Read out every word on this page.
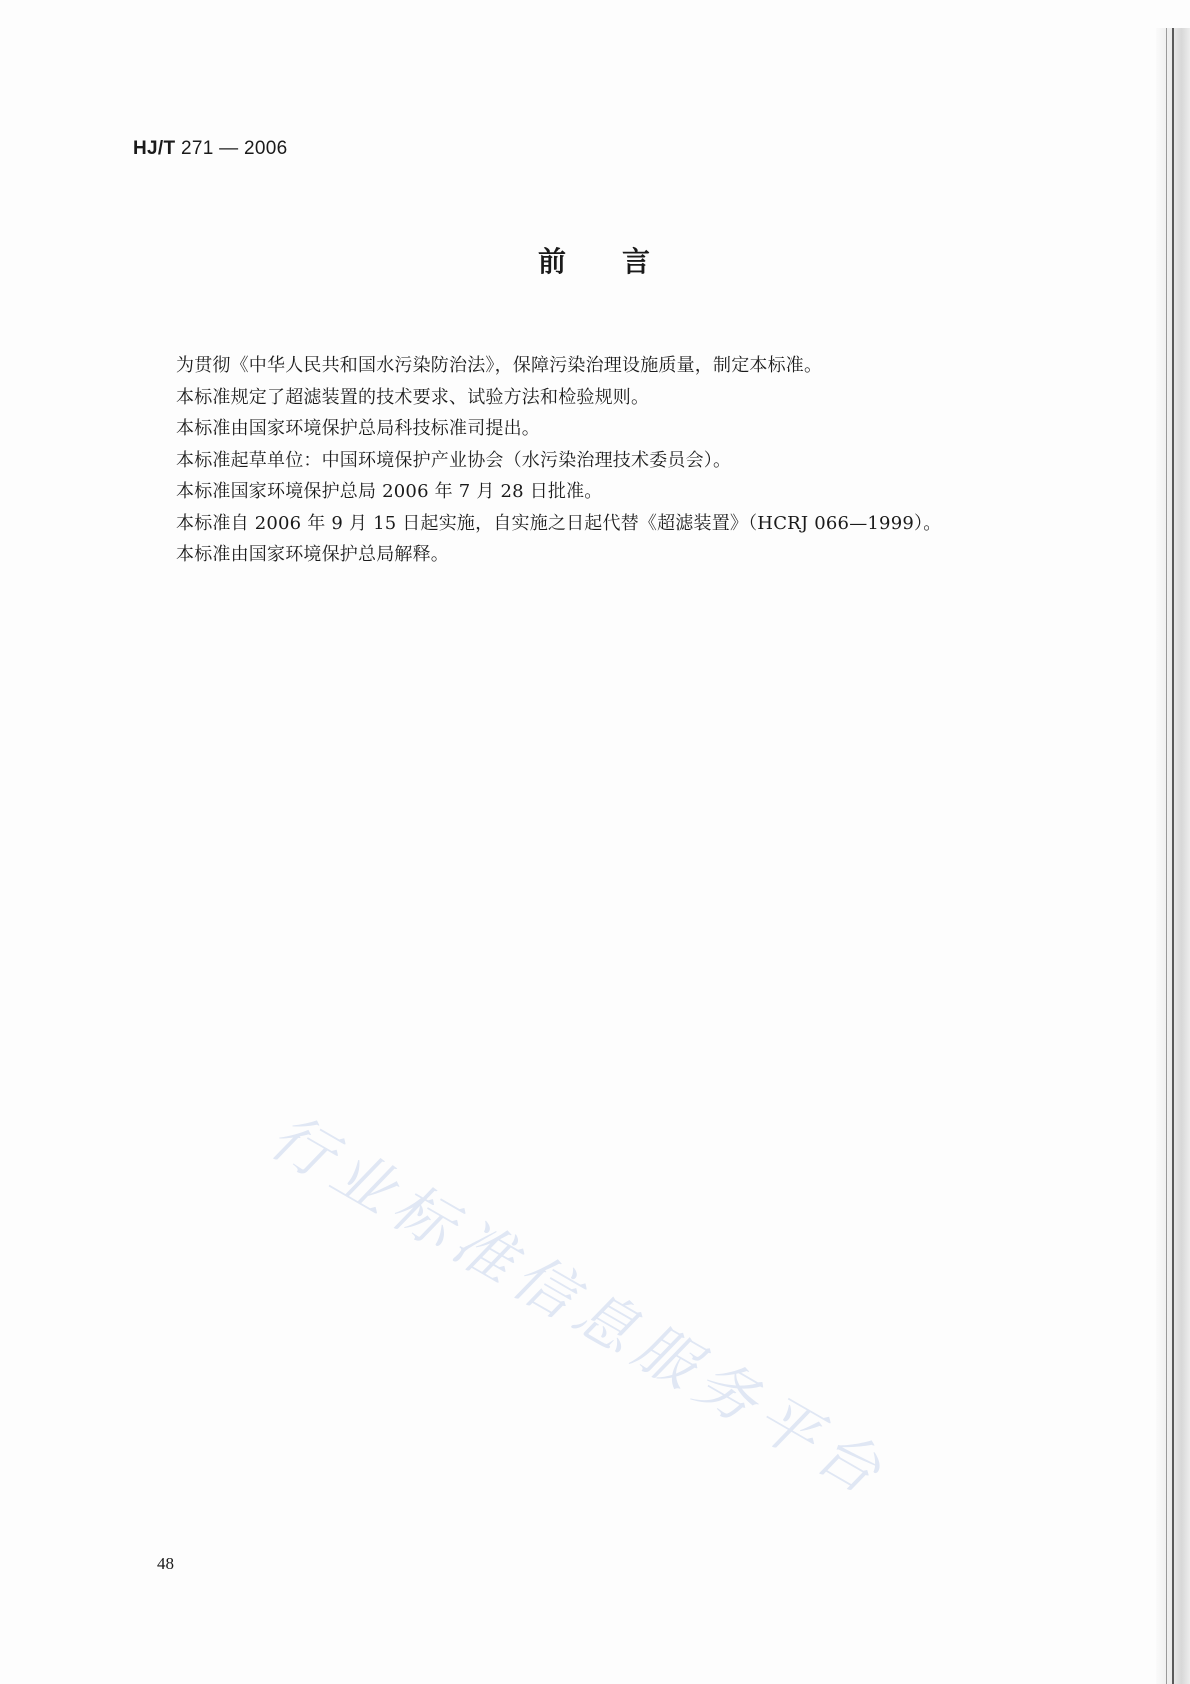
HJ/T 271 — 2006
前 言
为贯彻《中华人民共和国水污染防治法》，保障污染治理设施质量，制定本标准。
本标准规定了超滤装置的技术要求、试验方法和检验规则。
本标准由国家环境保护总局科技标准司提出。
本标准起草单位：中国环境保护产业协会（水污染治理技术委员会）。
本标准国家环境保护总局 2006 年 7 月 28 日批准。
本标准自 2006 年 9 月 15 日起实施，自实施之日起代替《超滤装置》（HCRJ 066—1999）。
本标准由国家环境保护总局解释。
行业标准信息服务平台
48
